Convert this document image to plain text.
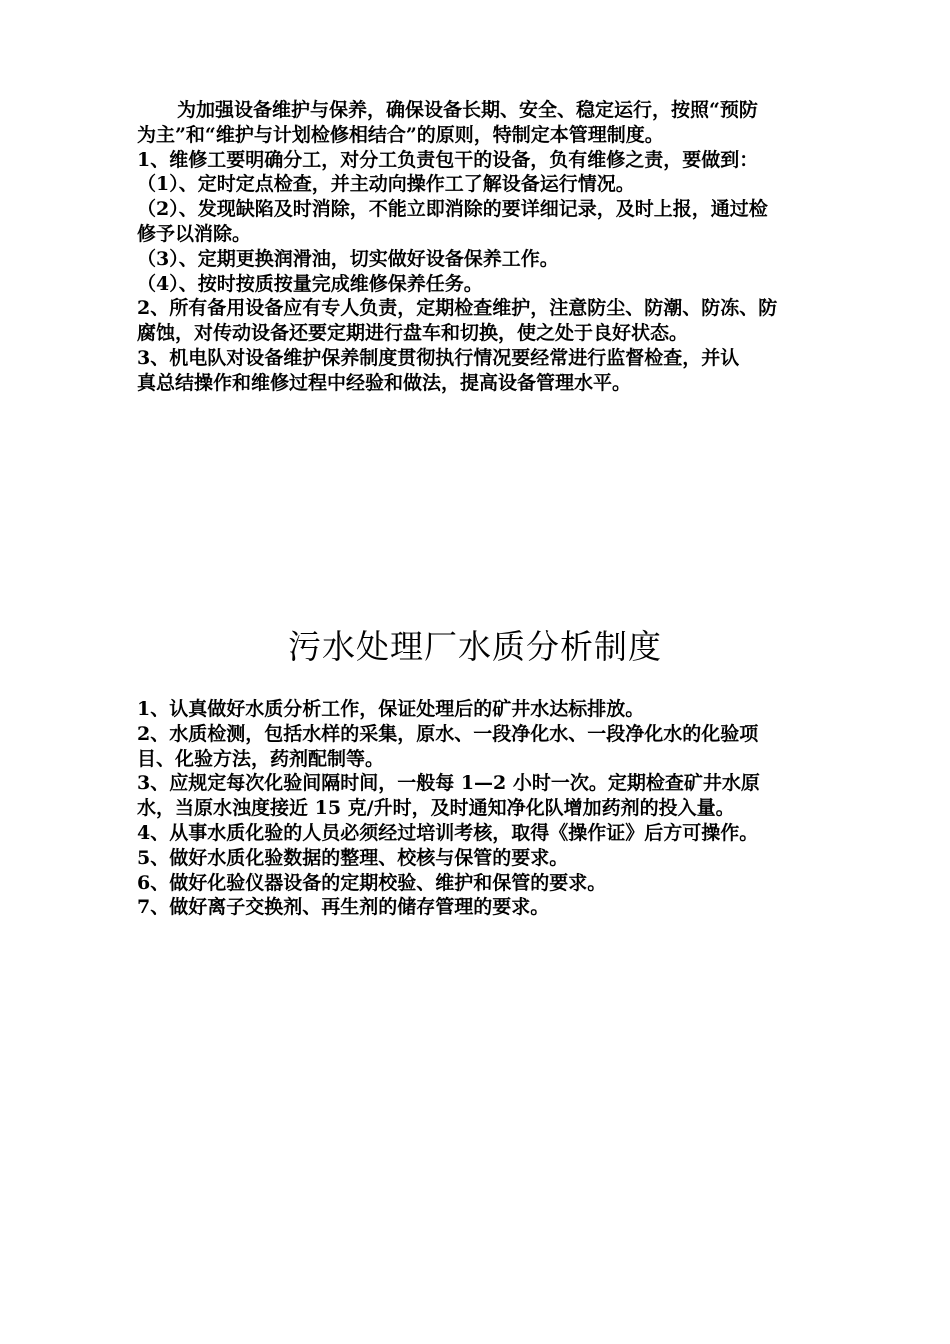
为加强设备维护与保养，确保设备长期、安全、稳定运行，按照“预防
为主”和“维护与计划检修相结合”的原则，特制定本管理制度。
1、维修工要明确分工，对分工负责包干的设备，负有维修之责，要做到：
（1）、定时定点检查，并主动向操作工了解设备运行情况。
（2）、发现缺陷及时消除，不能立即消除的要详细记录，及时上报，通过检
修予以消除。
（3）、定期更换润滑油，切实做好设备保养工作。
（4）、按时按质按量完成维修保养任务。
2、所有备用设备应有专人负责，定期检查维护，注意防尘、防潮、防冻、防
腐蚀，对传动设备还要定期进行盘车和切换，使之处于良好状态。
3、机电队对设备维护保养制度贯彻执行情况要经常进行监督检查，并认
真总结操作和维修过程中经验和做法，提高设备管理水平。
污水处理厂水质分析制度
1、认真做好水质分析工作，保证处理后的矿井水达标排放。
2、水质检测，包括水样的采集，原水、一段净化水、一段净化水的化验项
目、化验方法，药剂配制等。
3、应规定每次化验间隔时间，一般每 1—2 小时一次。定期检查矿井水原
水，当原水浊度接近 15 克/升时，及时通知净化队增加药剂的投入量。
4、从事水质化验的人员必须经过培训考核，取得《操作证》后方可操作。
5、做好水质化验数据的整理、校核与保管的要求。
6、做好化验仪器设备的定期校验、维护和保管的要求。
7、做好离子交换剂、再生剂的储存管理的要求。
